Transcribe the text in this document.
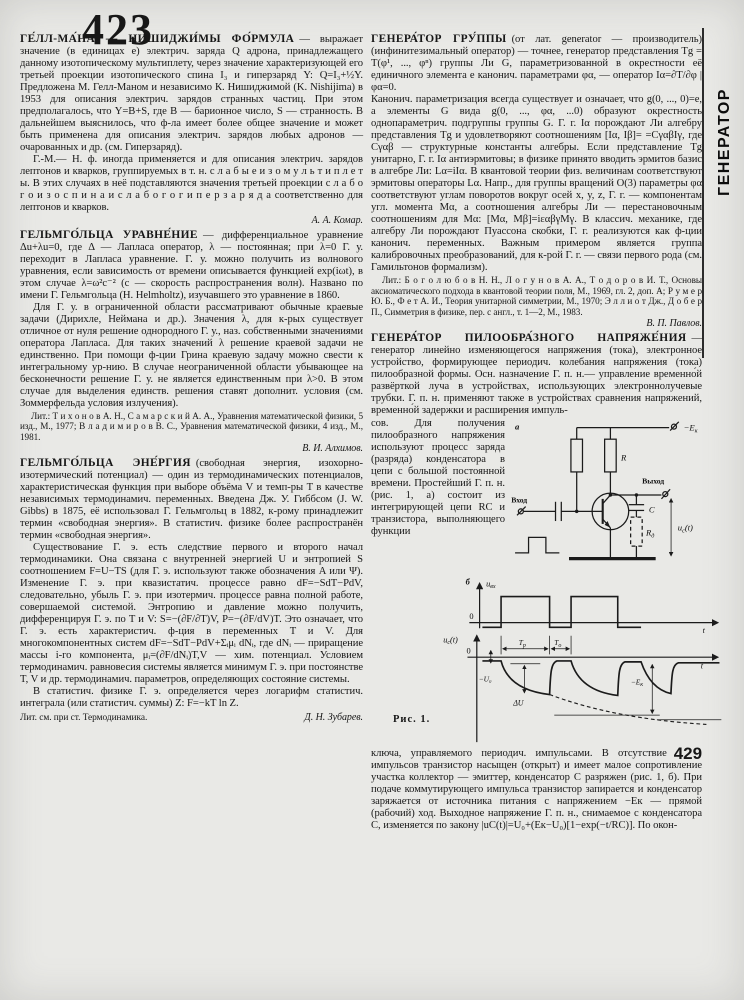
423
ГЕНЕРАТОР

ГЕ́ЛЛ-МА́НА — НИШИДЖИ́МЫ ФО́РМУЛА — выражает значение (в единицах e) электрич. заряда Q адрона, принадлежащего данному изотопическому мультиплету, через значение характеризующей его третьей проекции изотопического спина I₃ и гиперзаряд Y: Q=I₃+½Y. Предложена М. Гелл-Маном и независимо К. Нишиджимой (K. Nishijima) в 1953 для описания электрич. зарядов странных частиц. При этом предполагалось, что Y=B+S, где B — барионное число, S — странность. В дальнейшем выяснилось, что ф-ла имеет более общее значение и может быть применена для описания электрич. зарядов любых адронов — очарованных и др. (см. Гиперзаряд).

Г.-М.— Н. ф. иногда применяется и для описания электрич. зарядов лептонов и кварков, группируемых в т. н. с л а б ы е и з о м у л ь т и п л е т ы. В этих случаях в неё подставляются значения третьей проекции с л а б о г о и з о с п и н а и с л а б о г о г и п е р з а р я д а соответственно для лептонов и кварков.

А. А. Комар.

ГЕЛЬМГО́ЛЬЦА УРАВНЕ́НИЕ — дифференциальное уравнение Δu+λu=0, где Δ — Лапласа оператор, λ — постоянная; при λ=0 Г. у. переходит в Лапласа уравнение. Г. у. можно получить из волнового уравнения, если зависимость от времени описывается функцией exp(iωt), в этом случае λ=ω²c⁻² (c — скорость распространения волн). Названо по имени Г. Гельмгольца (H. Helmholtz), изучавшего это уравнение в 1860.

Для Г. у. в ограниченной области рассматривают обычные краевые задачи (Дирихле, Неймана и др.). Значения λ, для к-рых существует отличное от нуля решение однородного Г. у., наз. собственными значениями оператора Лапласа. Для таких значений λ решение краевой задачи не единственно. При помощи ф-ции Грина краевую задачу можно свести к интегральному ур-нию. В случае неограниченной области убывающее на бесконечности решение Г. у. не является единственным при λ>0. В этом случае для выделения единств. решения ставят дополнит. условия (см. Зоммерфельда условия излучения).

Лит.: Т и х о н о в А. Н., С а м а р с к и й А. А., Уравнения математической физики, 5 изд., М., 1977; В л а д и м и р о в В. С., Уравнения математической физики, 4 изд., М., 1981.

В. И. Алхимов.

ГЕЛЬМГО́ЛЬЦА ЭНЕ́РГИЯ (свободная энергия, изохорно-изотермический потенциал) — один из термодинамических потенциалов, характеристическая функция при выборе объёма V и темп-ры T в качестве независимых термодинамич. переменных. Введена Дж. У. Гиббсом (J. W. Gibbs) в 1875, её использовал Г. Гельмгольц в 1882, к-рому принадлежит термин «свободная энергия». В статистич. физике более распространён термин «свободная энергия».

Существование Г. э. есть следствие первого и второго начал термодинамики. Она связана с внутренней энергией U и энтропией S соотношением F=U−TS (для Г. э. используют также обозначения A или Ψ). Изменение Г. э. при квазистатич. процессе равно dF=−SdT−PdV, следовательно, убыль Г. э. при изотермич. процессе равна полной работе, совершаемой системой. Энтропию и давление можно получить, дифференцируя Г. э. по T и V: S=−(∂F/∂T)V, P=−(∂F/dV)T. Это означает, что Г. э. есть характеристич. ф-ция в переменных T и V. Для многокомпонентных систем dF=−SdT−PdV+Σᵢμᵢ dNᵢ, где dNᵢ — приращение массы i-го компонента, μᵢ=(∂F/dNᵢ)T,V — хим. потенциал. Условием термодинамич. равновесия системы является минимум Г. э. при постоянстве T, V и др. термодинамич. параметров, определяющих состояние системы.

В статистич. физике Г. э. определяется через логарифм статистич. интеграла (или статистич. суммы) Z: F=−kT ln Z.

Лит. см. при ст. Термодинамика.	Д. Н. Зубарев.

ГЕНЕРА́ТОР ГРУ́ППЫ (от лат. generator — производитель) (инфинитезимальный оператор) — точнее, генератор представления Tg = T(φ¹, ..., φⁿ) группы Ли G, параметризованной в окрестности её единичного элемента e канонич. параметрами φα, — оператор Iα=∂T/∂φ |φα=0.

Канонич. параметризация всегда существует и означает, что g(0, ..., 0)=e, а элементы G вида g(0, ..., φα, ...0) образуют окрестность однопараметрич. подгруппы группы G. Г. г. Iα порождают Ли алгебру представления Tg и удовлетворяют соотношениям [Iα, Iβ]= =CγαβIγ, где Cγαβ — структурные константы алгебры. Если представление Tg унитарно, Г. г. Iα антиэрмитовы; в физике принято вводить эрмитов базис в алгебре Ли: Lα=iIα. В квантовой теории физ. величинам соответствуют эрмитовы операторы Lα. Напр., для группы вращений O(3) параметры φα соответствуют углам поворотов вокруг осей x, y, z, Г. г. — компонентам угл. момента Mα, а соотношения алгебры Ли — перестановочным соотношениям для Mα: [Mα, Mβ]=iεαβγMγ. В классич. механике, где алгебру Ли порождают Пуассона скобки, Г. г. реализуются как ф-ции канонич. переменных. Важным примером является группа калибровочных преобразований, для к-рой Г. г. — связи первого рода (см. Гамильтонов формализм).

Лит.: Б о г о л ю б о в Н. Н., Л о г у н о в А. А., Т о д о р о в И. Т., Основы аксиоматического подхода в квантовой теории поля, М., 1969, гл. 2, доп. А; Р у м е р Ю. Б., Ф е т А. И., Теория унитарной симметрии, М., 1970; Э л л и о т Дж., Д о б е р П., Симметрия в физике, пер. с англ., т. 1—2, М., 1983.

В. П. Павлов.

ГЕНЕРА́ТОР ПИЛООБРА́ЗНОГО НАПРЯЖЕ́НИЯ — генератор линейно изменяющегося напряжения (тока), электронное устройство, формирующее периодич. колебания напряжения (тока) пилообразной формы. Осн. назначение Г. п. н.— управление временно́й развёрткой луча в устройствах, использующих электроннолучевые трубки. Г. п. н. применяют также в устройствах сравнения напряжений, временно́й задержки и расширения импуль-

сов. Для получения пилообразного напряжения используют процесс заряда (разряда) конденсатора в цепи с большой постоянной времени. Простейший Г. п. н. (рис. 1, а) состоит из интегрирующей цепи RC и транзистора, выполняющего функции
а	$-E_к$
R
Вход
Выход
C
$R_д$
$u_c(t)$
б $u_{вх}$
0
t
$T_р$	$T_о$
$u_c(t)$
0
t
−U₀
ΔU
$-E_к$
Рис. 1.

429
ключа, управляемого периодич. импульсами. В отсутствие импульсов транзистор насыщен (открыт) и имеет малое сопротивление участка коллектор — эмиттер, конденсатор C разряжен (рис. 1, б). При подаче коммутирующего импульса транзистор запирается и конденсатор заряжается от источника питания с напряжением −Eк — прямой (рабочий) ход. Выходное напряжение Г. п. н., снимаемое с конденсатора C, изменяется по закону |uC(t)|=U₀+(Eк−U₀)[1−exp(−t/RC)]. По окон-
